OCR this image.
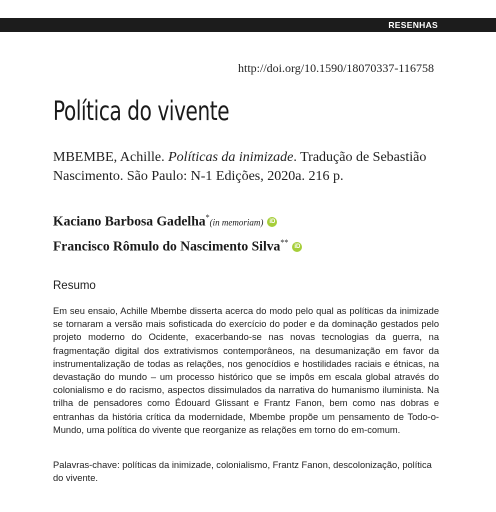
RESENHAS
http://doi.org/10.1590/18070337-116758
Política do vivente
MBEMBE, Achille. Políticas da inimizade. Tradução de Sebastião Nascimento. São Paulo: N-1 Edições, 2020a. 216 p.
Kaciano Barbosa Gadelha*(in memoriam) iD
Francisco Rômulo do Nascimento Silva**iD
Resumo
Em seu ensaio, Achille Mbembe disserta acerca do modo pelo qual as políticas da inimizade se tornaram a versão mais sofisticada do exercício do poder e da dominação gestados pelo projeto moderno do Ocidente, exacerbando-se nas novas tecnologias da guerra, na fragmentação digital dos extrativismos contemporâneos, na desumanização em favor da instrumentalização de todas as relações, nos genocídios e hostilidades raciais e étnicas, na devastação do mundo – um processo histórico que se impôs em escala global através do colonialismo e do racismo, aspectos dissimulados da narrativa do humanismo iluminista. Na trilha de pensadores como Édouard Glissant e Frantz Fanon, bem como nas dobras e entranhas da história crítica da modernidade, Mbembe propõe um pensamento de Todo-o-Mundo, uma política do vivente que reorganize as relações em torno do em-comum.
Palavras-chave: políticas da inimizade, colonialismo, Frantz Fanon, descolonização, política do vivente.
